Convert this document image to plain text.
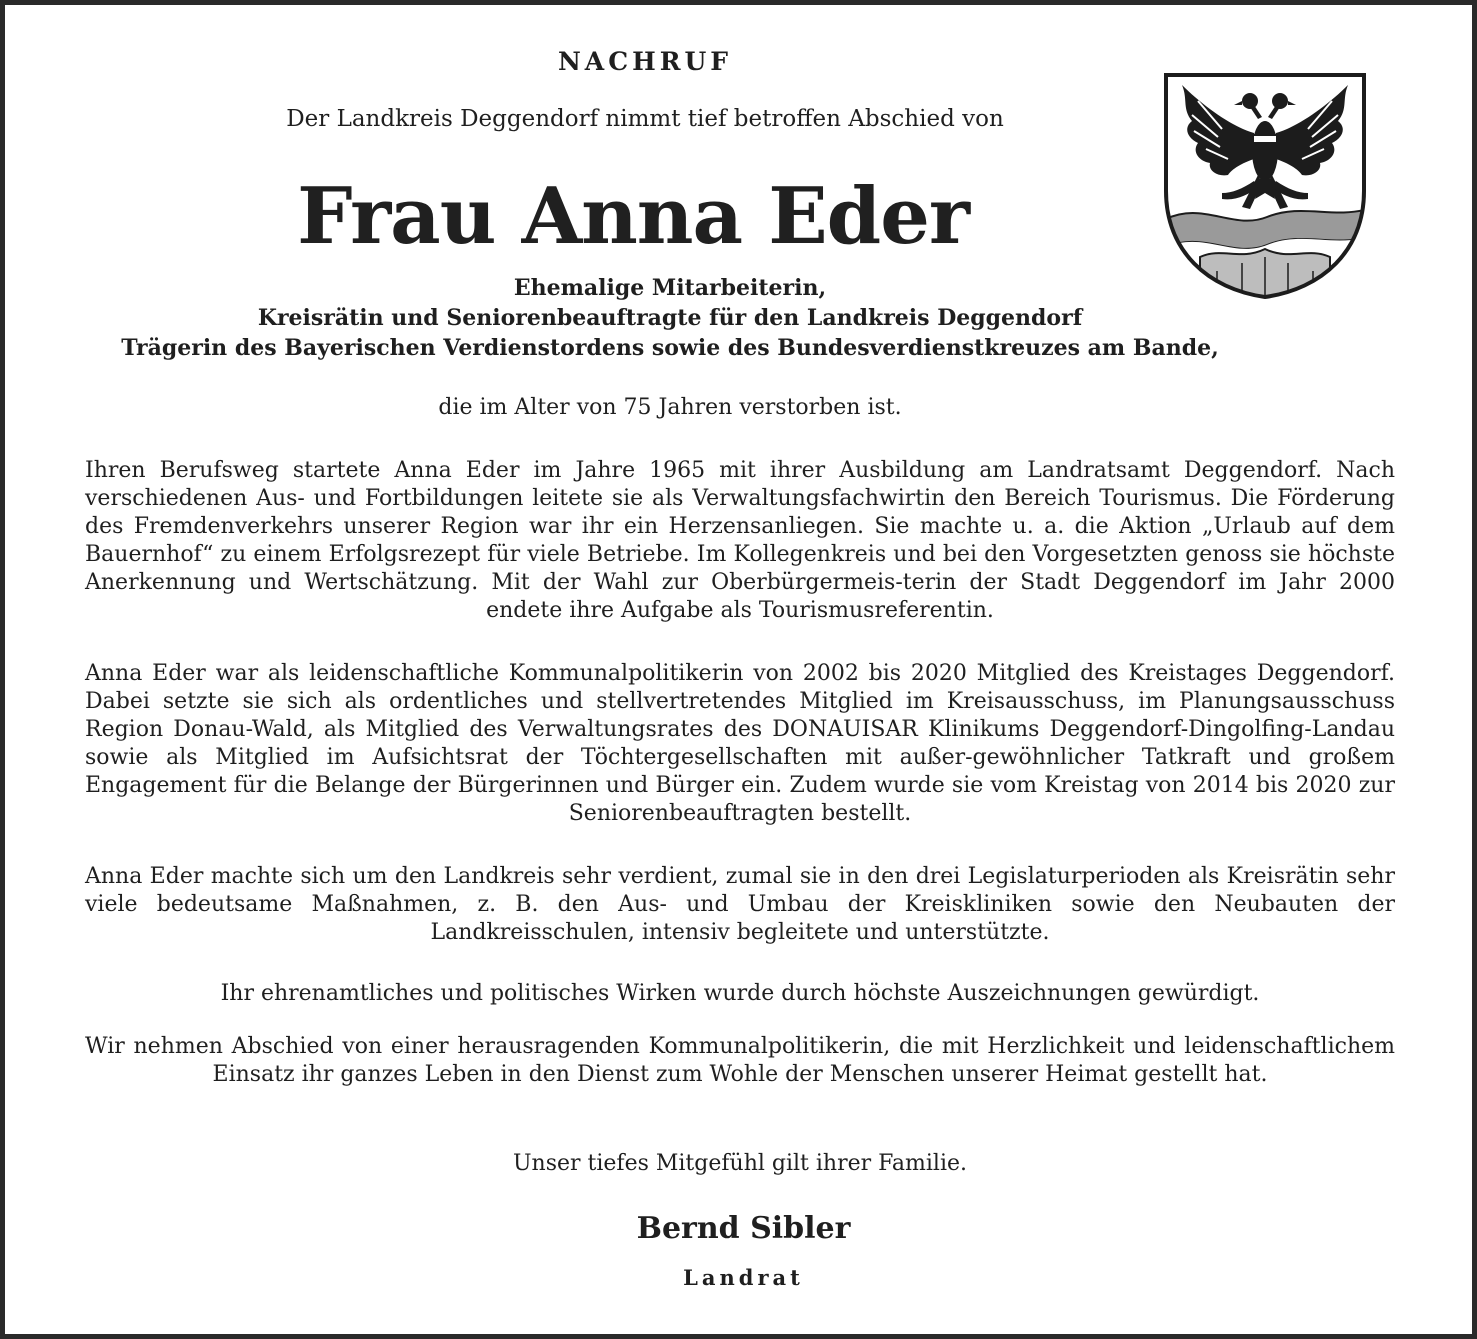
NACHRUF

Der Landkreis Deggendorf nimmt tief betroffen Abschied von

Frau Anna Eder
Ehemalige Mitarbeiterin,
Kreisrätin und Seniorenbeauftragte für den Landkreis Deggendorf
Trägerin des Bayerischen Verdienstordens sowie des Bundesverdienstkreuzes am Bande,

die im Alter von 75 Jahren verstorben ist.

Ihren Berufsweg startete Anna Eder im Jahre 1965 mit ihrer Ausbildung am Landratsamt Deggendorf. Nach verschiedenen Aus- und Fortbildungen leitete sie als Verwaltungsfachwirtin den Bereich Tourismus. Die Förderung des Fremdenverkehrs unserer Region war ihr ein Herzensanliegen. Sie machte u. a. die Aktion „Urlaub auf dem Bauernhof“ zu einem Erfolgsrezept für viele Betriebe. Im Kollegenkreis und bei den Vorgesetzten genoss sie höchste Anerkennung und Wertschätzung. Mit der Wahl zur Oberbürgermeis-terin der Stadt Deggendorf im Jahr 2000 endete ihre Aufgabe als Tourismusreferentin.

Anna Eder war als leidenschaftliche Kommunalpolitikerin von 2002 bis 2020 Mitglied des Kreistages Deggendorf. Dabei setzte sie sich als ordentliches und stellvertretendes Mitglied im Kreisausschuss, im Planungsausschuss Region Donau-Wald, als Mitglied des Verwaltungsrates des DONAUISAR Klinikums Deggendorf-Dingolfing-Landau sowie als Mitglied im Aufsichtsrat der Töchtergesellschaften mit außer-gewöhnlicher Tatkraft und großem Engagement für die Belange der Bürgerinnen und Bürger ein. Zudem wurde sie vom Kreistag von 2014 bis 2020 zur Seniorenbeauftragten bestellt.

Anna Eder machte sich um den Landkreis sehr verdient, zumal sie in den drei Legislaturperioden als Kreisrätin sehr viele bedeutsame Maßnahmen, z. B. den Aus- und Umbau der Kreiskliniken sowie den Neubauten der Landkreisschulen, intensiv begleitete und unterstützte.

Ihr ehrenamtliches und politisches Wirken wurde durch höchste Auszeichnungen gewürdigt.

Wir nehmen Abschied von einer herausragenden Kommunalpolitikerin, die mit Herzlichkeit und leidenschaftlichem Einsatz ihr ganzes Leben in den Dienst zum Wohle der Menschen unserer Heimat gestellt hat.

Unser tiefes Mitgefühl gilt ihrer Familie.

Bernd Sibler

Landrat
